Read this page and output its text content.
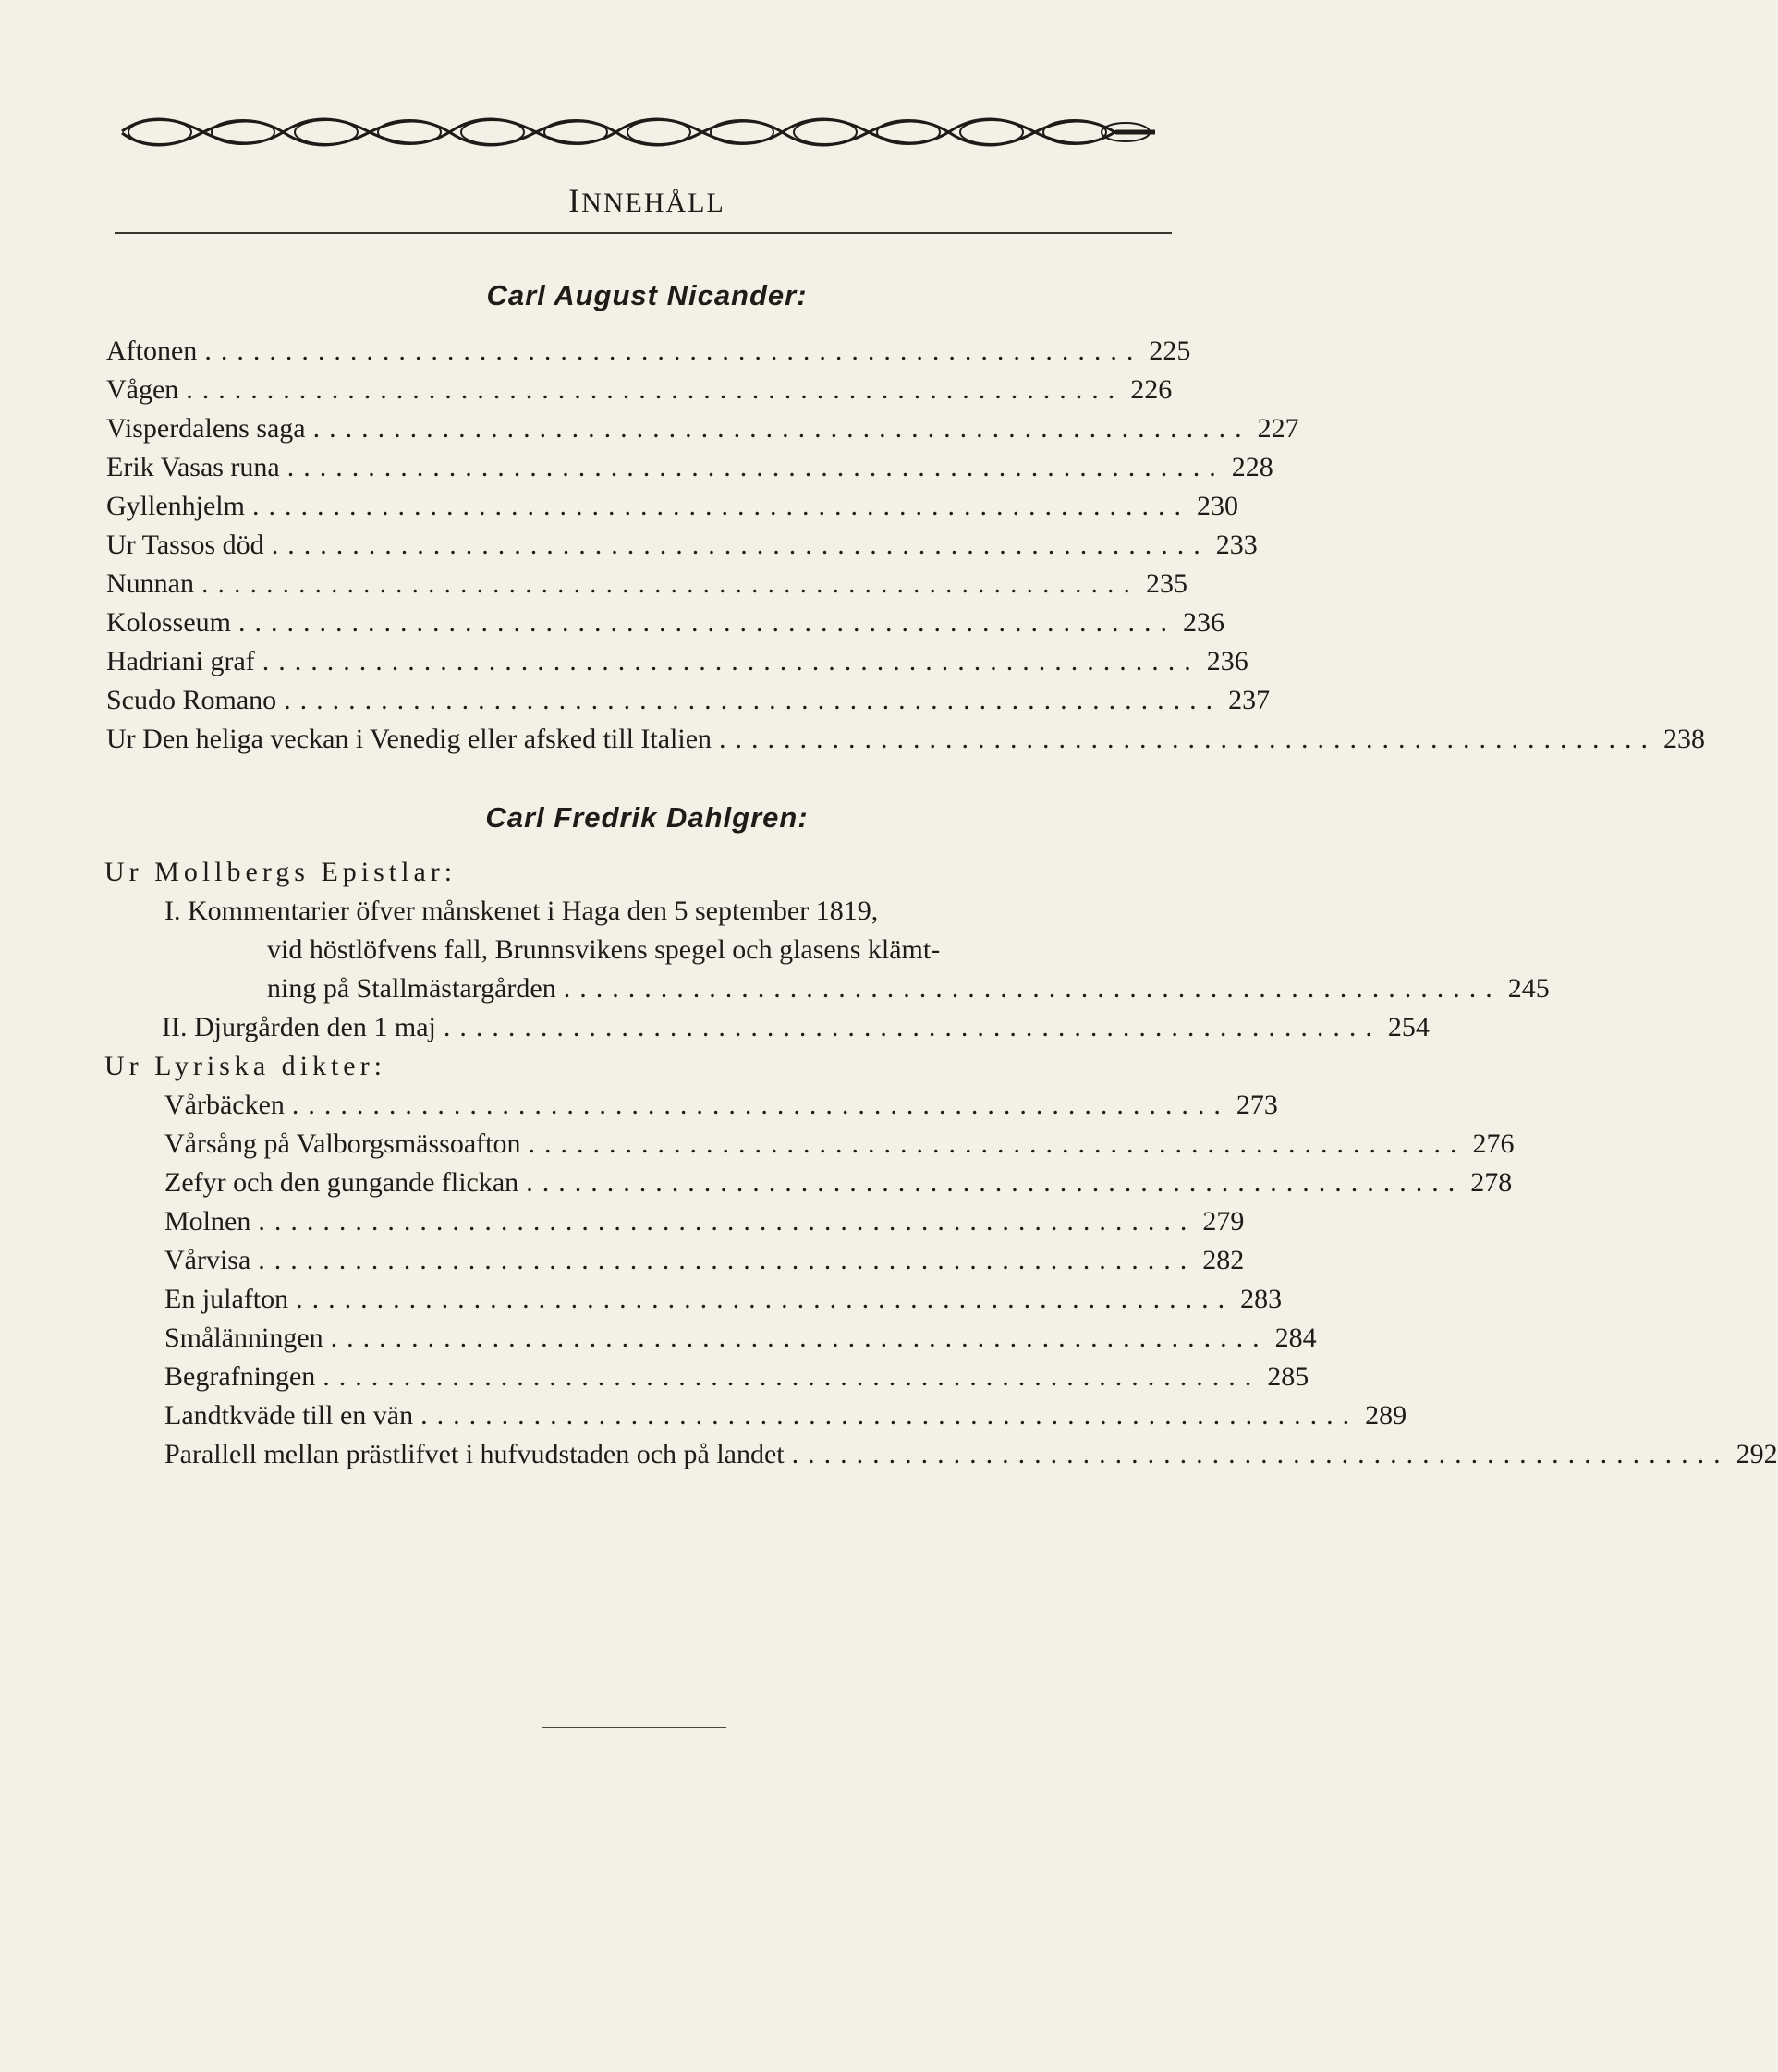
INNEHÅLL
Carl August Nicander:
Aftonen .......................................................... 225
Vågen .......................................................... 226
Visperdalens saga .......................................................... 227
Erik Vasas runa .......................................................... 228
Gyllenhjelm .......................................................... 230
Ur Tassos död .......................................................... 233
Nunnan .......................................................... 235
Kolosseum .......................................................... 236
Hadriani graf .......................................................... 236
Scudo Romano .......................................................... 237
Ur Den heliga veckan i Venedig eller afsked till Italien .......................................................... 238
Carl Fredrik Dahlgren:
Ur Mollbergs Epistlar:
I. Kommentarier öfver månskenet i Haga den 5 september 1819,
vid höstlöfvens fall, Brunnsvikens spegel och glasens klämt-
ning på Stallmästargården .......................................................... 245
II. Djurgården den 1 maj .......................................................... 254
Ur Lyriska dikter:
Vårbäcken .......................................................... 273
Vårsång på Valborgsmässoafton .......................................................... 276
Zefyr och den gungande flickan .......................................................... 278
Molnen .......................................................... 279
Vårvisa .......................................................... 282
En julafton .......................................................... 283
Smålänningen .......................................................... 284
Begrafningen .......................................................... 285
Landtkväde till en vän .......................................................... 289
Parallell mellan prästlifvet i hufvudstaden och på landet .......................................................... 292
